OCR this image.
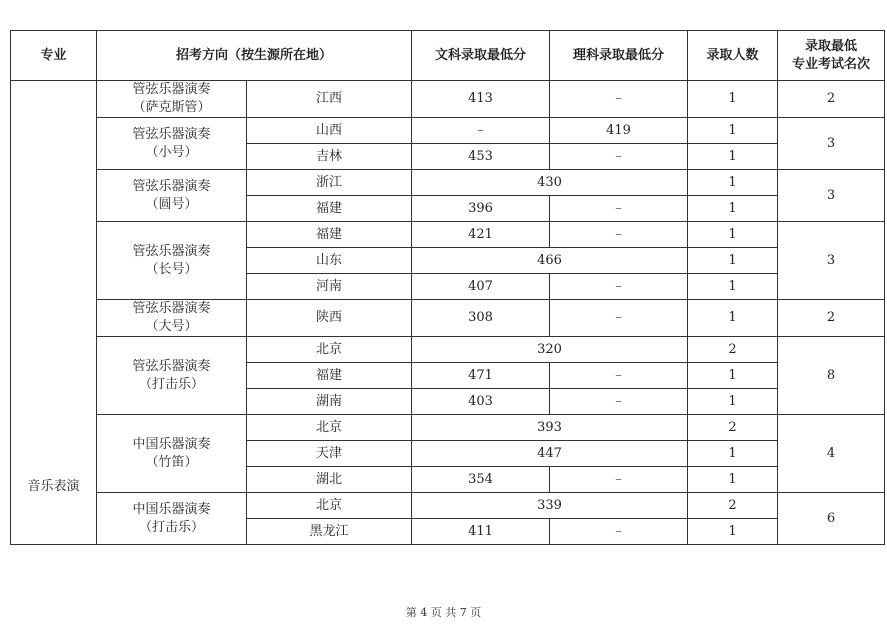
专业	招考方向（按生源所在地）		文科录取最低分	理科录取最低分	录取人数	录取最低
专业考试名次
音乐表演	管弦乐器演奏
（萨克斯管）	江西	413	–	1	2
	管弦乐器演奏
（小号）	山西	–	419	1	3
		吉林	453	–	1	
	管弦乐器演奏
（圆号）	浙江	430		1	3
		福建	396	–	1	
	管弦乐器演奏
（长号）	福建	421	–	1	3
		山东	466		1	
		河南	407	–	1	
	管弦乐器演奏
（大号）	陕西	308	–	1	2
	管弦乐器演奏
（打击乐）	北京	320		2	8
		福建	471	–	1	
		湖南	403	–	1	
	中国乐器演奏
（竹笛）	北京	393		2	4
		天津	447		1	
		湖北	354	–	1	
	中国乐器演奏
（打击乐）	北京	339		2	6
		黑龙江	411	–	1	
第 4 页 共 7 页
